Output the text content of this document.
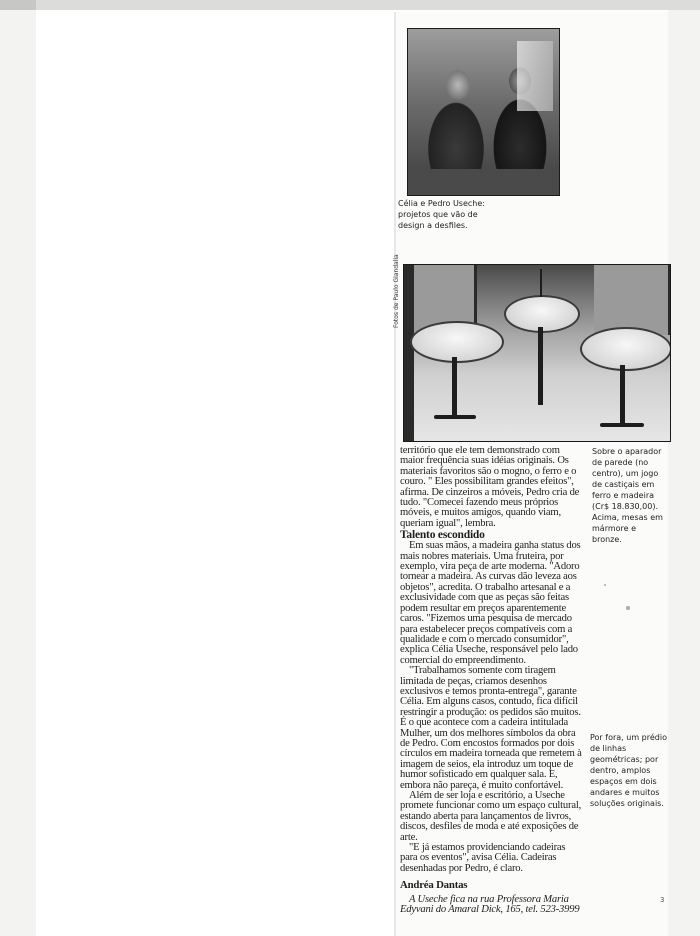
Célia e Pedro Useche: projetos que vão de design a desfiles.
Fotos de Paulo Giandalia
Sobre o aparador de parede (no centro), um jogo de castiçais em ferro e madeira (Cr$ 18.830,00). Acima, mesas em mármore e bronze.

território que ele tem demonstrado com maior frequência suas idéias originais. Os materiais favoritos são o mogno, o ferro e o couro. " Eles possibilitam grandes efeitos", afirma. De cinzeiros a móveis, Pedro cria de tudo. "Comecei fazendo meus próprios móveis, e muitos amigos, quando viam, queriam igual", lembra.

Talento escondido

Em suas mãos, a madeira ganha status dos mais nobres materiais. Uma fruteira, por exemplo, vira peça de arte moderna. "Adoro tornear a madeira. As curvas dão leveza aos objetos", acredita. O trabalho artesanal e a exclusividade com que as peças são feitas podem resultar em preços aparentemente caros. "Fizemos uma pesquisa de mercado para estabelecer preços compatíveis com a qualidade e com o mercado consumidor", explica Célia Useche, responsável pelo lado comercial do empreendimento.

"Trabalhamos somente com tiragem limitada de peças, criamos desenhos exclusivos e temos pronta-entrega", garante Célia. Em alguns casos, contudo, fica difícil restringir a produção: os pedidos são muitos. É o que acontece com a cadeira intitulada Mulher, um dos melhores símbolos da obra de Pedro. Com encostos formados por dois círculos em madeira torneada que remetem à imagem de seios, ela introduz um toque de humor sofisticado em qualquer sala. E, embora não pareça, é muito confortável.

Além de ser loja e escritório, a Useche promete funcionar como um espaço cultural, estando aberta para lançamentos de livros, discos, desfiles de moda e até exposições de arte.

"E já estamos providenciando cadeiras para os eventos", avisa Célia. Cadeiras desenhadas por Pedro, é claro.

Andréa Dantas

A Useche fica na rua Professora Maria Edyvani do Amaral Dick, 165, tel. 523-3999

Por fora, um prédio de linhas geométricas; por dentro, amplos espaços em dois andares e muitos soluções originais.
3
